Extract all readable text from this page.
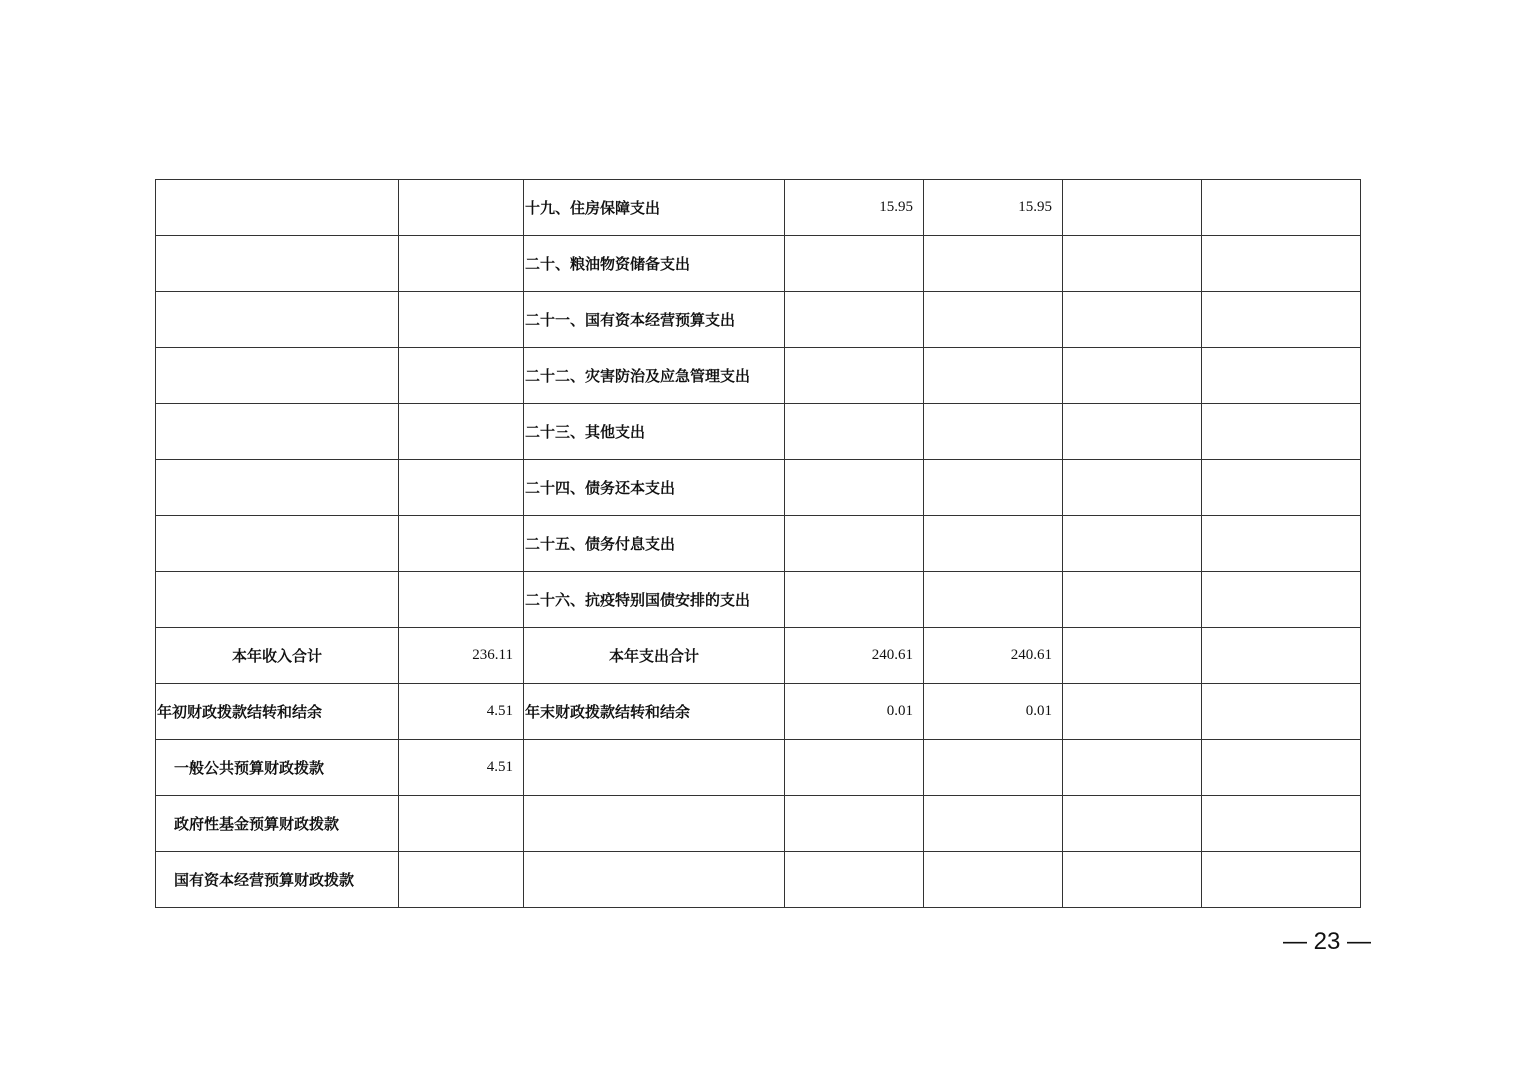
		十九、住房保障支出	15.95	15.95		
		二十、粮油物资储备支出				
		二十一、国有资本经营预算支出				
		二十二、灾害防治及应急管理支出				
		二十三、其他支出				
		二十四、债务还本支出				
		二十五、债务付息支出				
		二十六、抗疫特别国债安排的支出				
本年收入合计	236.11	本年支出合计	240.61	240.61		
年初财政拨款结转和结余	4.51	年末财政拨款结转和结余	0.01	0.01		
一般公共预算财政拨款	4.51					
政府性基金预算财政拨款						
国有资本经营预算财政拨款						
— 23 —
